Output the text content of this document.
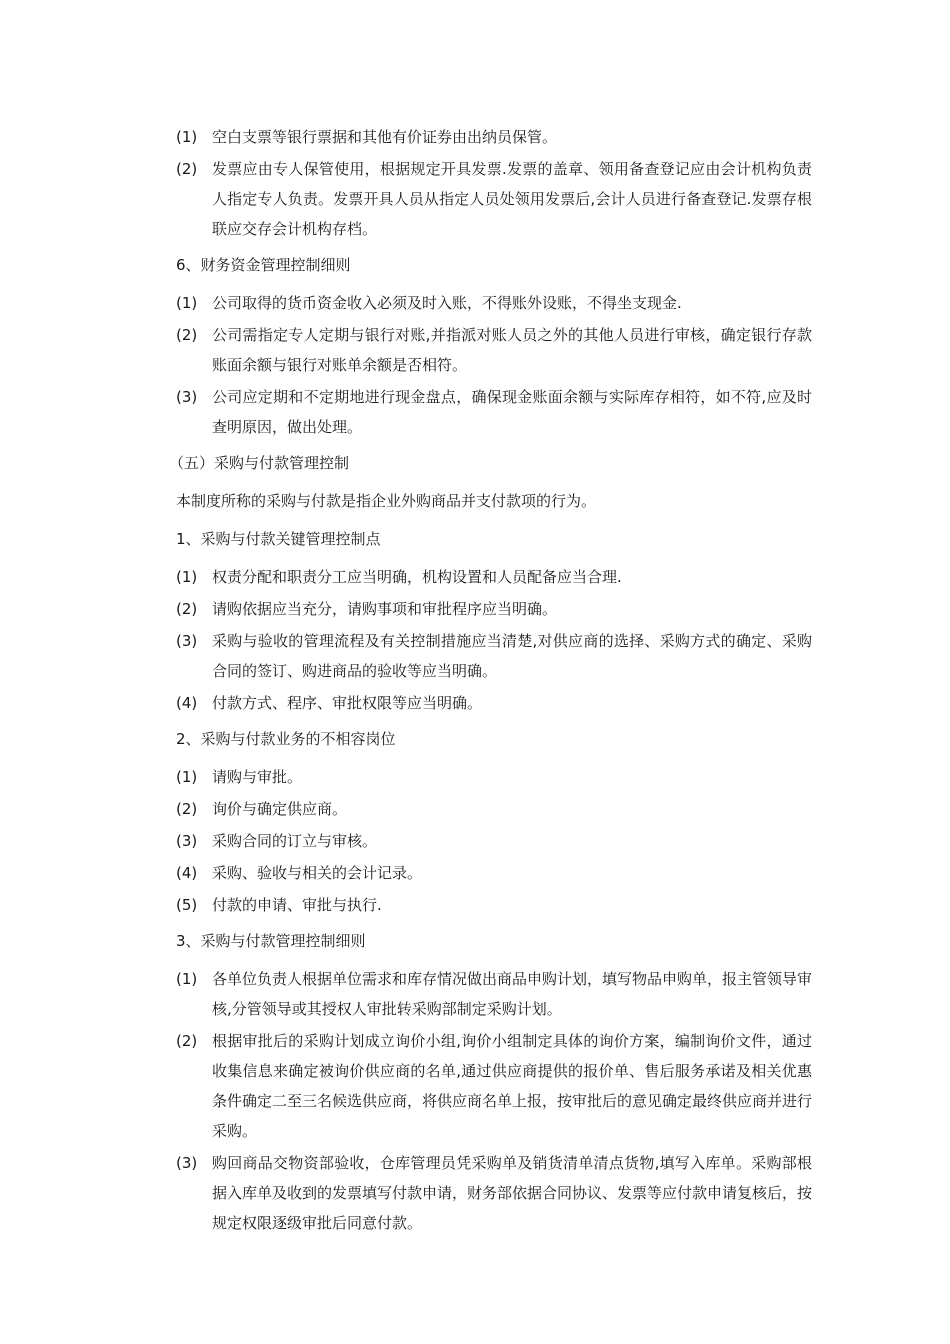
(1) 空白支票等银行票据和其他有价证券由出纳员保管。
(2) 发票应由专人保管使用，根据规定开具发票.发票的盖章、领用备查登记应由会计机构负责人指定专人负责。发票开具人员从指定人员处领用发票后,会计人员进行备查登记.发票存根联应交存会计机构存档。
6、财务资金管理控制细则
(1) 公司取得的货币资金收入必须及时入账，不得账外设账，不得坐支现金.
(2) 公司需指定专人定期与银行对账,并指派对账人员之外的其他人员进行审核，确定银行存款账面余额与银行对账单余额是否相符。
(3) 公司应定期和不定期地进行现金盘点，确保现金账面余额与实际库存相符，如不符,应及时查明原因，做出处理。
（五）采购与付款管理控制
本制度所称的采购与付款是指企业外购商品并支付款项的行为。
1、采购与付款关键管理控制点
(1) 权责分配和职责分工应当明确，机构设置和人员配备应当合理.
(2) 请购依据应当充分，请购事项和审批程序应当明确。
(3) 采购与验收的管理流程及有关控制措施应当清楚,对供应商的选择、采购方式的确定、采购合同的签订、购进商品的验收等应当明确。
(4) 付款方式、程序、审批权限等应当明确。
2、采购与付款业务的不相容岗位
(1) 请购与审批。
(2) 询价与确定供应商。
(3) 采购合同的订立与审核。
(4) 采购、验收与相关的会计记录。
(5) 付款的申请、审批与执行.
3、采购与付款管理控制细则
(1) 各单位负责人根据单位需求和库存情况做出商品申购计划，填写物品申购单，报主管领导审核,分管领导或其授权人审批转采购部制定采购计划。
(2) 根据审批后的采购计划成立询价小组,询价小组制定具体的询价方案，编制询价文件，通过收集信息来确定被询价供应商的名单,通过供应商提供的报价单、售后服务承诺及相关优惠条件确定二至三名候选供应商，将供应商名单上报，按审批后的意见确定最终供应商并进行采购。
(3) 购回商品交物资部验收，仓库管理员凭采购单及销货清单清点货物,填写入库单。采购部根据入库单及收到的发票填写付款申请，财务部依据合同协议、发票等应付款申请复核后，按规定权限逐级审批后同意付款。
